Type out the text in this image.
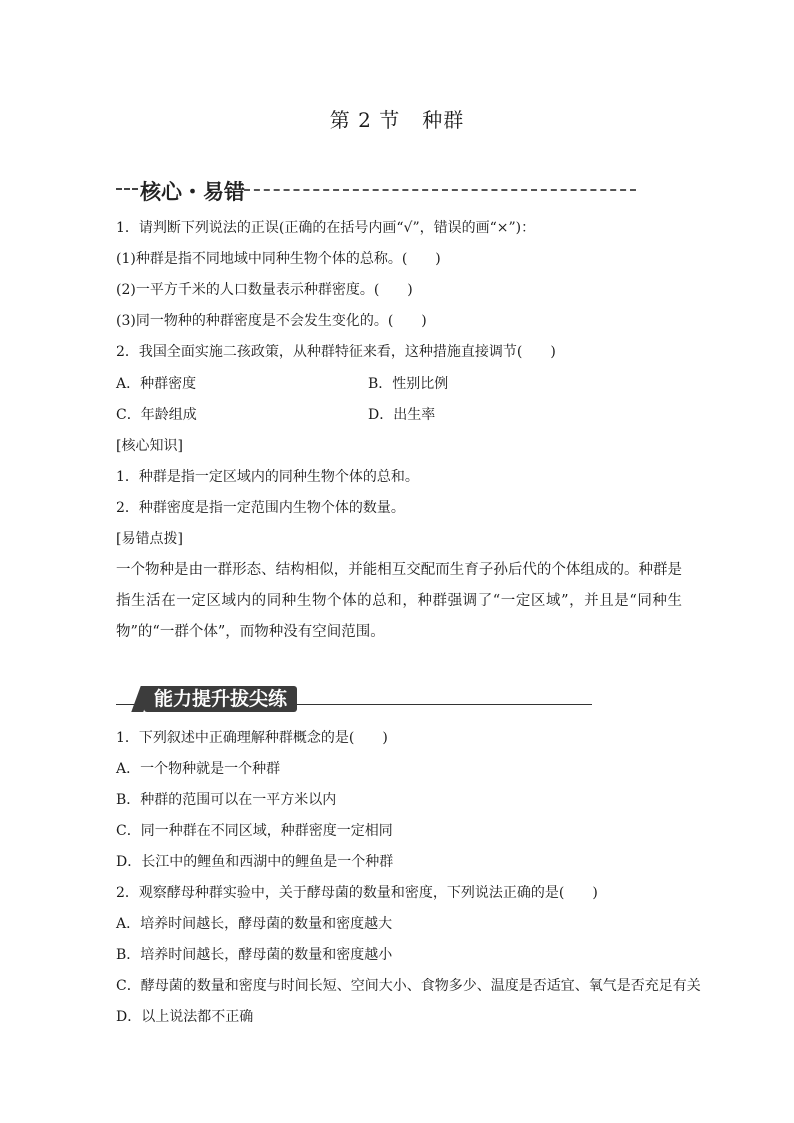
第 2 节 种群
核心・易错
1．请判断下列说法的正误(正确的在括号内画“√”，错误的画“×”)：
(1)种群是指不同地域中同种生物个体的总称。(　　)
(2)一平方千米的人口数量表示种群密度。(　　)
(3)同一物种的种群密度是不会发生变化的。(　　)
2．我国全面实施二孩政策，从种群特征来看，这种措施直接调节(　　)
A．种群密度	B．性别比例
C．年龄组成	D．出生率
[核心知识]
1．种群是指一定区域内的同种生物个体的总和。
2．种群密度是指一定范围内生物个体的数量。
[易错点拨]
一个物种是由一群形态、结构相似，并能相互交配而生育子孙后代的个体组成的。种群是指生活在一定区域内的同种生物个体的总和，种群强调了“一定区域”，并且是“同种生物”的“一群个体”，而物种没有空间范围。
能力提升拔尖练
1．下列叙述中正确理解种群概念的是(　　)
A．一个物种就是一个种群
B．种群的范围可以在一平方米以内
C．同一种群在不同区域，种群密度一定相同
D．长江中的鲤鱼和西湖中的鲤鱼是一个种群
2．观察酵母种群实验中，关于酵母菌的数量和密度，下列说法正确的是(　　)
A．培养时间越长，酵母菌的数量和密度越大
B．培养时间越长，酵母菌的数量和密度越小
C．酵母菌的数量和密度与时间长短、空间大小、食物多少、温度是否适宜、氧气是否充足有关
D．以上说法都不正确
